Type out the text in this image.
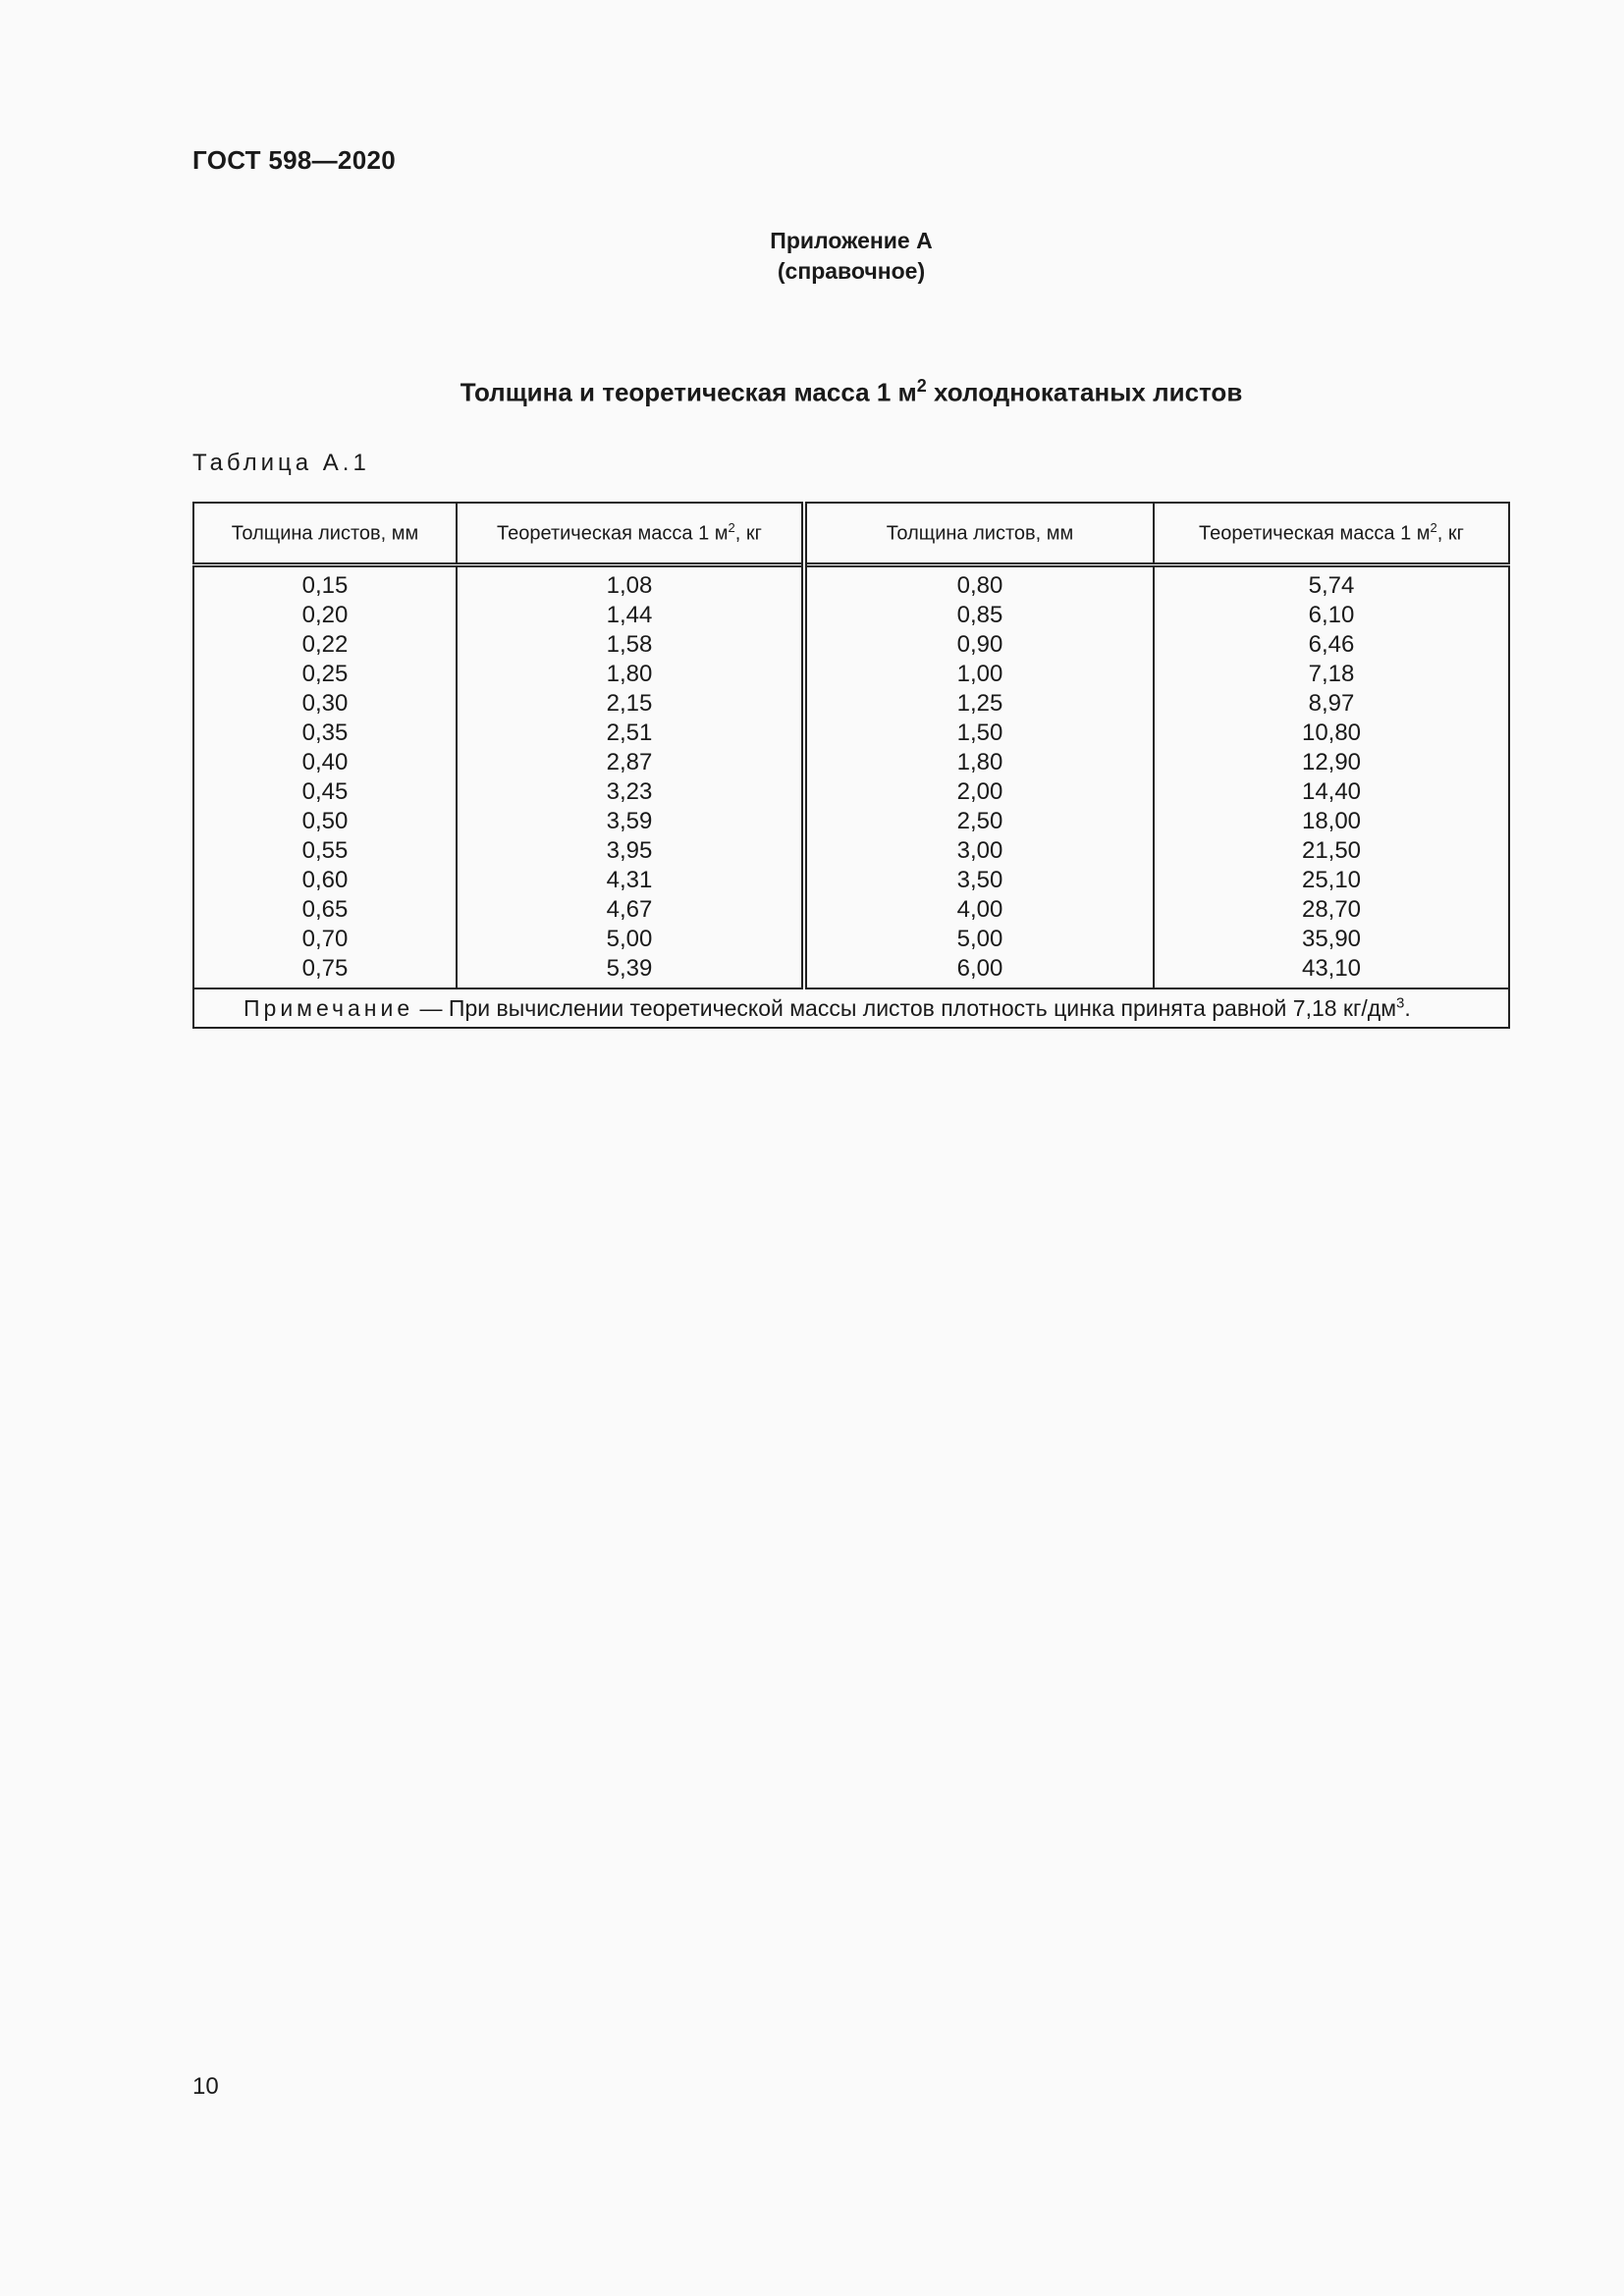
ГОСТ 598—2020
Приложение А
(справочное)
Толщина и теоретическая масса 1 $м^2$ холоднокатаных листов
Таблица А.1
Толщина листов, мм	Теоретическая масса 1 $м^2$, кг	Толщина листов, мм	Теоретическая масса 1 $м^2$, кг
0,15	1,08	0,80	5,74
0,20	1,44	0,85	6,10
0,22	1,58	0,90	6,46
0,25	1,80	1,00	7,18
0,30	2,15	1,25	8,97
0,35	2,51	1,50	10,80
0,40	2,87	1,80	12,90
0,45	3,23	2,00	14,40
0,50	3,59	2,50	18,00
0,55	3,95	3,00	21,50
0,60	4,31	3,50	25,10
0,65	4,67	4,00	28,70
0,70	5,00	5,00	35,90
0,75	5,39	6,00	43,10
Примечание — При вычислении теоретической массы листов плотность цинка принята равной 7,18 $кг/дм^3$.			
10
